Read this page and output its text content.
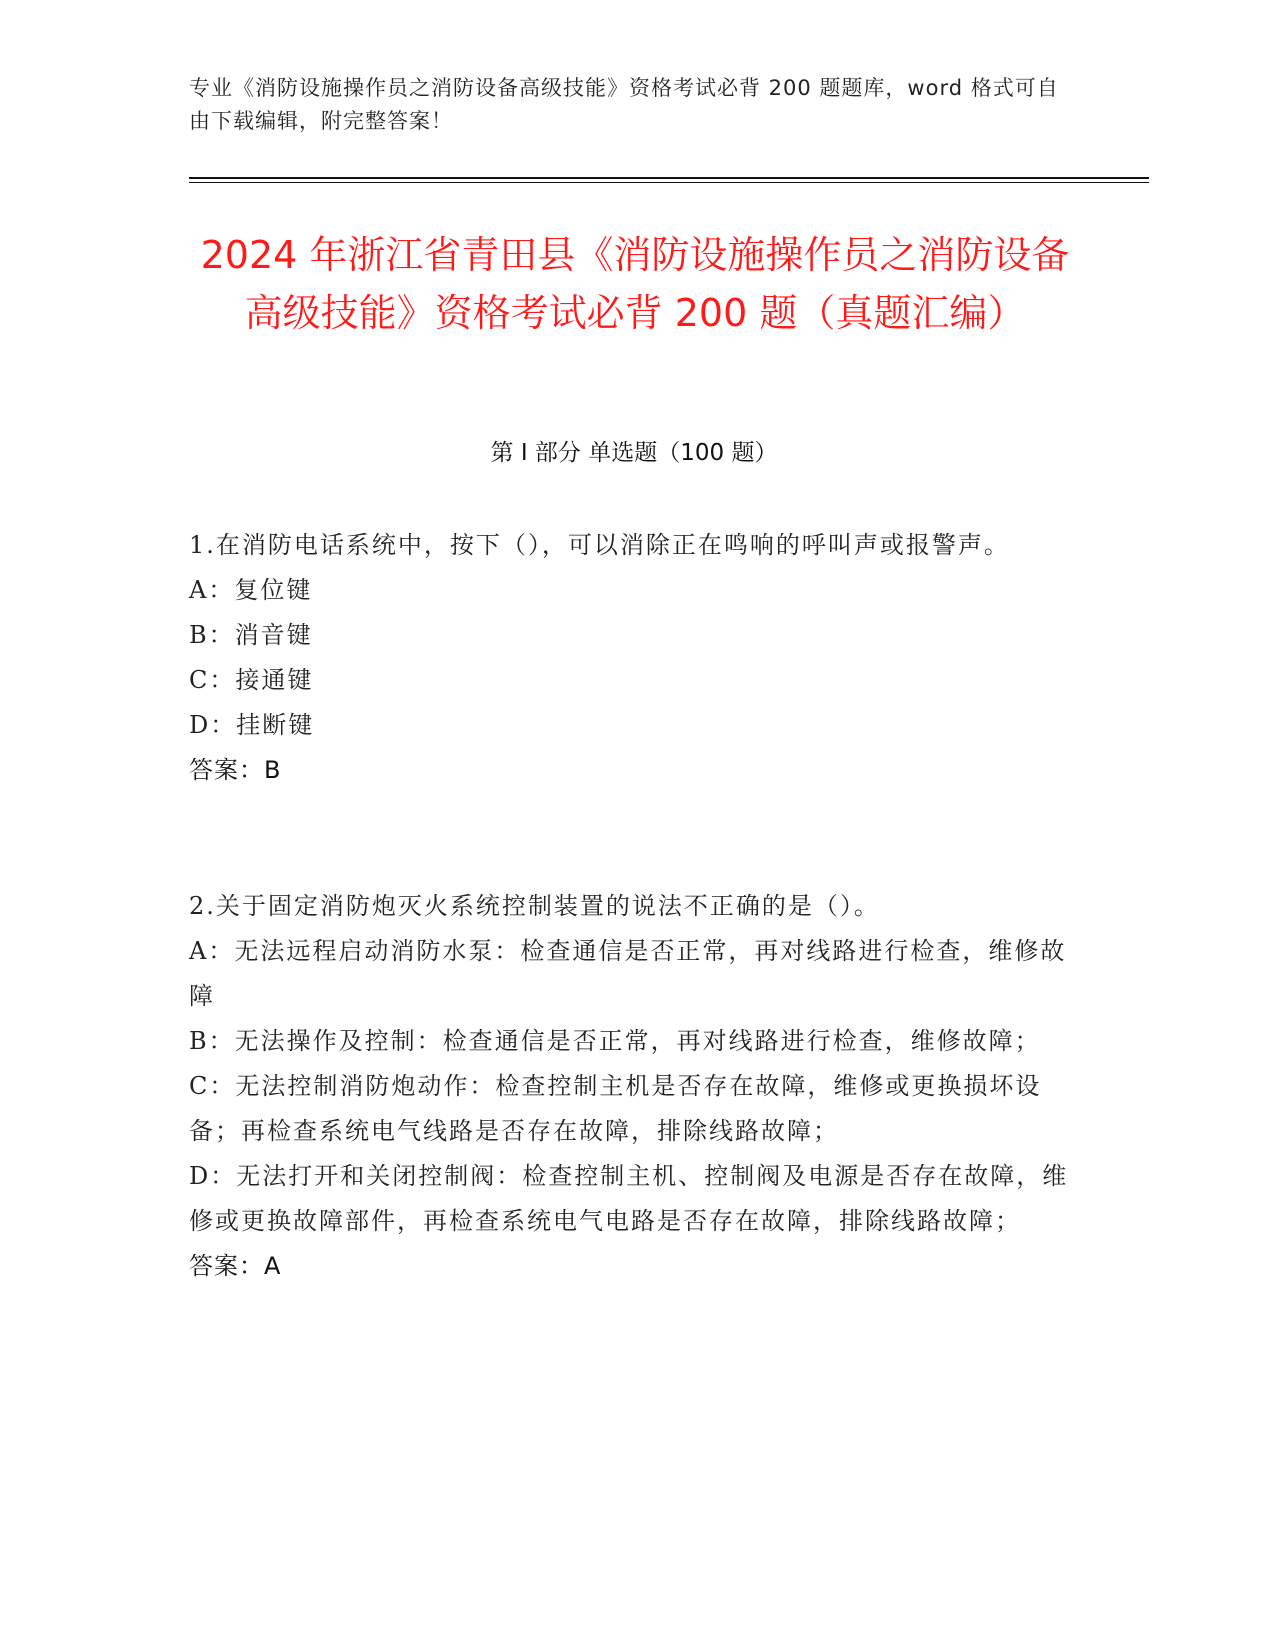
专业《消防设施操作员之消防设备高级技能》资格考试必背 200 题题库，word 格式可自由下载编辑，附完整答案！
2024 年浙江省青田县《消防设施操作员之消防设备高级技能》资格考试必背 200 题（真题汇编）
第 I 部分 单选题（100 题）

1.在消防电话系统中，按下（），可以消除正在鸣响的呼叫声或报警声。

A：复位键

B：消音键

C：接通键

D：挂断键

答案：B

2.关于固定消防炮灭火系统控制装置的说法不正确的是（）。

A：无法远程启动消防水泵：检查通信是否正常，再对线路进行检查，维修故障

B：无法操作及控制：检查通信是否正常，再对线路进行检查，维修故障；

C：无法控制消防炮动作：检查控制主机是否存在故障，维修或更换损坏设备；再检查系统电气线路是否存在故障，排除线路故障；

D：无法打开和关闭控制阀：检查控制主机、控制阀及电源是否存在故障，维修或更换故障部件，再检查系统电气电路是否存在故障，排除线路故障；

答案：A
